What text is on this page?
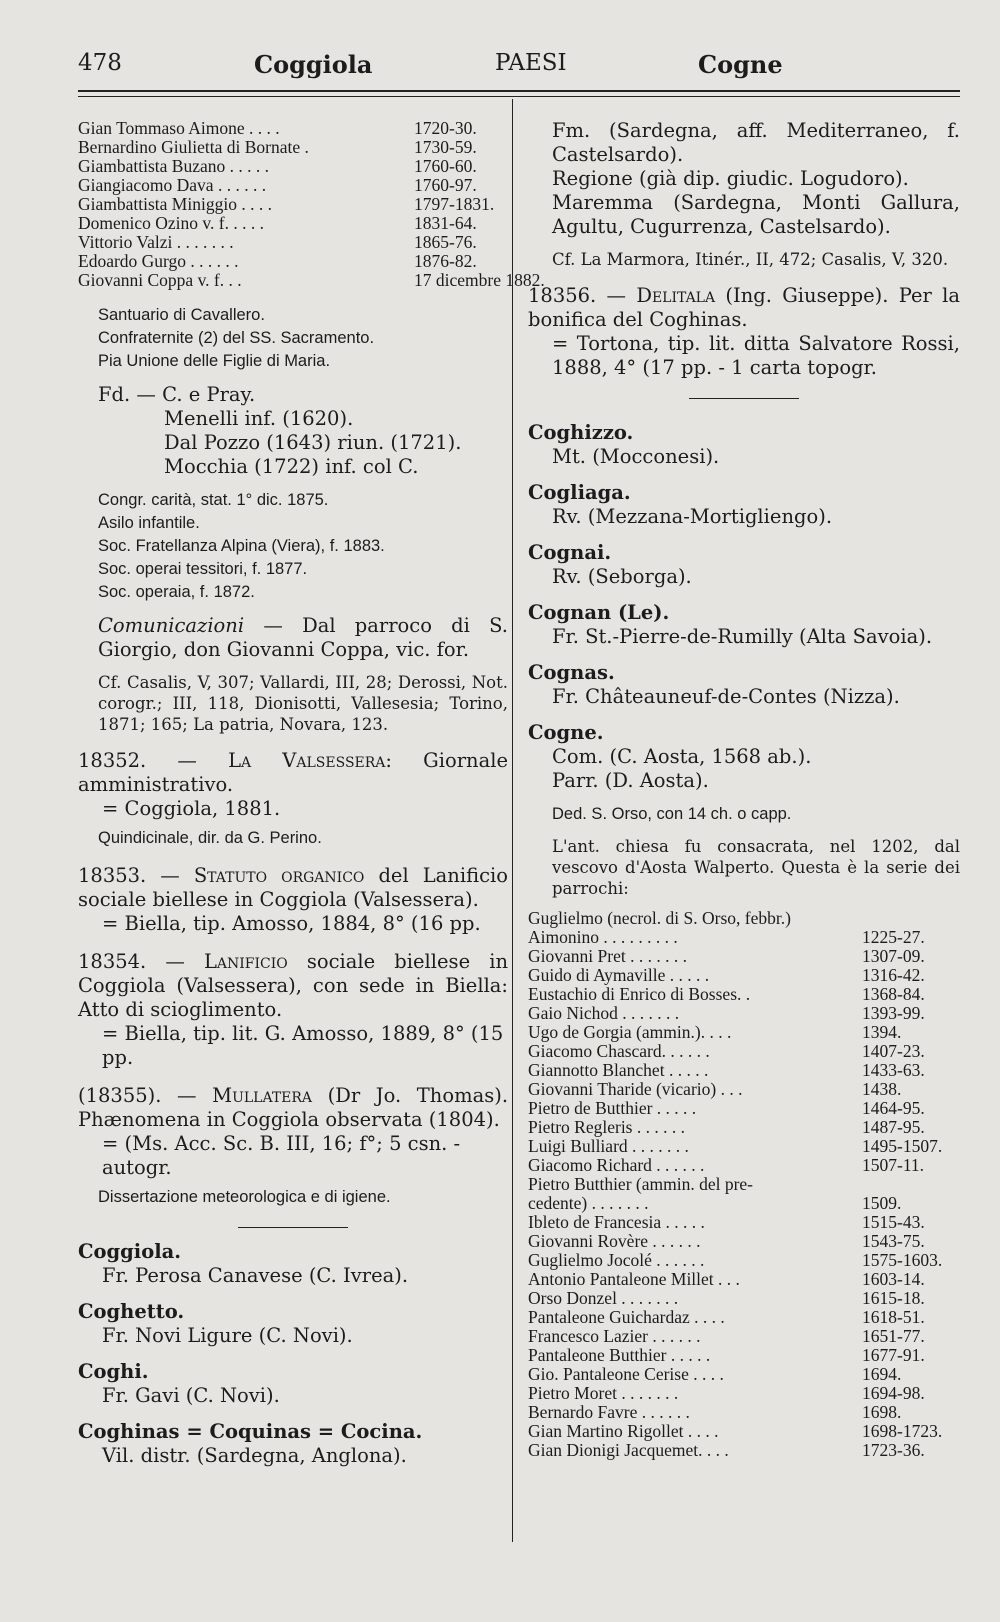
478	Coggiola	PAESI	Cogne
Gian Tommaso Aimone . . . .	1720-30.
Bernardino Giulietta di Bornate .	1730-59.
Giambattista Buzano . . . . .	1760-60.
Giangiacomo Dava . . . . . .	1760-97.
Giambattista Miniggio . . . .	1797-1831.
Domenico Ozino v. f. . . . .	1831-64.
Vittorio Valzi . . . . . . .	1865-76.
Edoardo Gurgo . . . . . .	1876-82.
Giovanni Coppa v. f. . .	17 dicembre 1882.
Santuario di Cavallero.
Confraternite (2) del SS. Sacramento.
Pia Unione delle Figlie di Maria.
Fd. — C. e Pray.
Menelli inf. (1620).
Dal Pozzo (1643) riun. (1721).
Mocchia (1722) inf. col C.
Congr. carità, stat. 1° dic. 1875.
Asilo infantile.
Soc. Fratellanza Alpina (Viera), f. 1883.
Soc. operai tessitori, f. 1877.
Soc. operaia, f. 1872.
Comunicazioni — Dal parroco di S. Giorgio, don Giovanni Coppa, vic. for.
Cf. Casalis, V, 307; Vallardi, III, 28; Derossi, Not. corogr.; III, 118, Dionisotti, Vallesesia; Torino, 1871; 165; La patria, Novara, 123.
18352. — La Valsessera: Giornale amministrativo.
= Coggiola, 1881.
Quindicinale, dir. da G. Perino.
18353. — Statuto organico del Lanificio sociale biellese in Coggiola (Valsessera).
= Biella, tip. Amosso, 1884, 8° (16 pp.
18354. — Lanificio sociale biellese in Coggiola (Valsessera), con sede in Biella: Atto di scioglimento.
= Biella, tip. lit. G. Amosso, 1889, 8° (15 pp.
(18355). — Mullatera (Dr Jo. Thomas). Phænomena in Coggiola observata (1804).
= (Ms. Acc. Sc. B. III, 16; f°; 5 csn. - autogr.
Dissertazione meteorologica e di igiene.
Coggiola.
Fr. Perosa Canavese (C. Ivrea).
Coghetto.
Fr. Novi Ligure (C. Novi).
Coghi.
Fr. Gavi (C. Novi).
Coghinas = Coquinas = Cocina.
Vil. distr. (Sardegna, Anglona).
Fm. (Sardegna, aff. Mediterraneo, f. Castelsardo).
Regione (già dip. giudic. Logudoro).
Maremma (Sardegna, Monti Gallura, Agultu, Cugurrenza, Castelsardo).
Cf. La Marmora, Itinér., II, 472; Casalis, V, 320.
18356. — Delitala (Ing. Giuseppe). Per la bonifica del Coghinas.
= Tortona, tip. lit. ditta Salvatore Rossi, 1888, 4° (17 pp. - 1 carta topogr.
Coghizzo.
Mt. (Mocconesi).
Cogliaga.
Rv. (Mezzana-Mortigliengo).
Cognai.
Rv. (Seborga).
Cognan (Le).
Fr. St.-Pierre-de-Rumilly (Alta Savoia).
Cognas.
Fr. Châteauneuf-de-Contes (Nizza).
Cogne.
Com. (C. Aosta, 1568 ab.).
Parr. (D. Aosta).
Ded. S. Orso, con 14 ch. o capp.
L'ant. chiesa fu consacrata, nel 1202, dal vescovo d'Aosta Walperto. Questa è la serie dei parrochi:
Guglielmo (necrol. di S. Orso, febbr.)
Aimonino . . . . . . . . .	1225-27.
Giovanni Pret . . . . . . .	1307-09.
Guido di Aymaville . . . . .	1316-42.
Eustachio di Enrico di Bosses. .	1368-84.
Gaio Nichod . . . . . . .	1393-99.
Ugo de Gorgia (ammin.). . . .	1394.
Giacomo Chascard. . . . . .	1407-23.
Giannotto Blanchet . . . . .	1433-63.
Giovanni Tharide (vicario) . . .	1438.
Pietro de Butthier . . . . .	1464-95.
Pietro Regleris . . . . . .	1487-95.
Luigi Bulliard . . . . . . .	1495-1507.
Giacomo Richard . . . . . .	1507-11.
Pietro Butthier (ammin. del pre-
cedente) . . . . . . .	1509.
Ibleto de Francesia . . . . .	1515-43.
Giovanni Rovère . . . . . .	1543-75.
Guglielmo Jocolé . . . . . .	1575-1603.
Antonio Pantaleone Millet . . .	1603-14.
Orso Donzel . . . . . . .	1615-18.
Pantaleone Guichardaz . . . .	1618-51.
Francesco Lazier . . . . . .	1651-77.
Pantaleone Butthier . . . . .	1677-91.
Gio. Pantaleone Cerise . . . .	1694.
Pietro Moret . . . . . . .	1694-98.
Bernardo Favre . . . . . .	1698.
Gian Martino Rigollet . . . .	1698-1723.
Gian Dionigi Jacquemet. . . .	1723-36.
